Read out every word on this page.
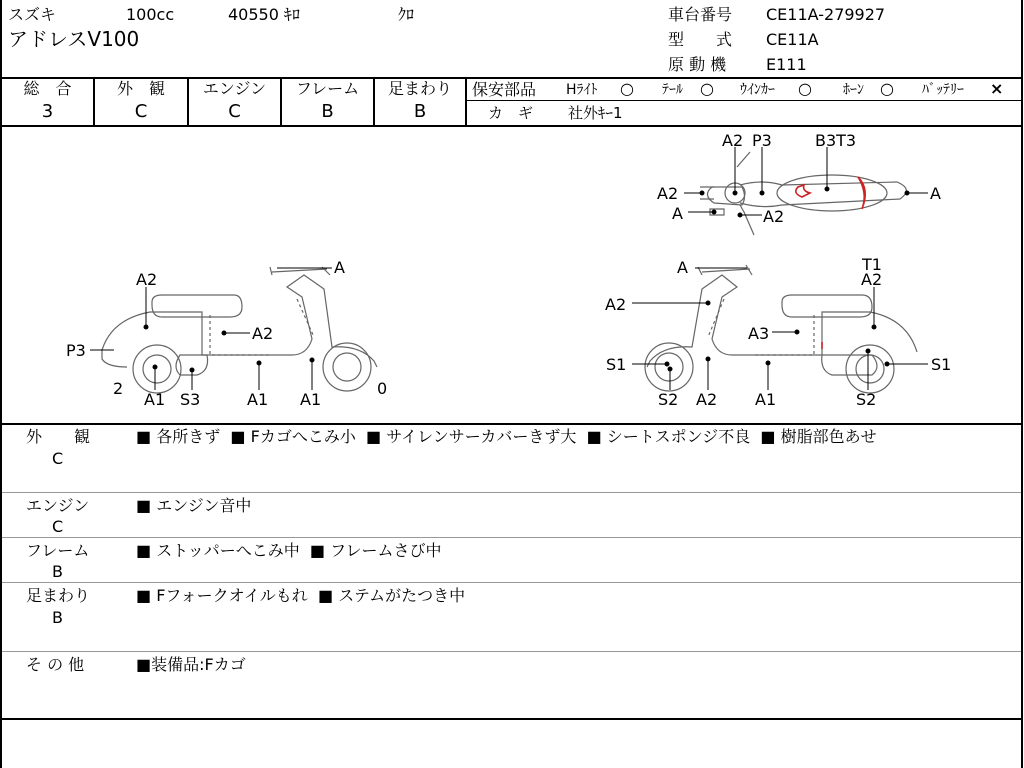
スズキ	100cc	40550 ｷﾛ	ｸﾛ
アドレスV100
車台番号 CE11A-279927
型　　式 CE11A
原 動 機 E111
総　合
3
外　観
C
エンジン
C
フレーム
B
足まわり
B
保安部品 Hﾗｲﾄ ○ ﾃｰﾙ ○ ｳｲﾝｶｰ ○ ﾎｰﾝ ○ ﾊﾞｯﾃﾘｰ ×
カ　ギ 社外ｷｰ1
A2
A
A2
P3
2
A1 S3	A1 A1
0
A2 P3	B3T3
A2	A
A	A2
A	T1
A2
A2
A3
S1	S1
S2 A2 A1	S2
外　　観
C
■ 各所きず  ■ Fカゴへこみ小  ■ サイレンサーカバーきず大  ■ シートスポンジ不良  ■ 樹脂部色あせ
エンジン
C
■ エンジン音中
フレーム
B
■ ストッパーへこみ中  ■ フレームさび中
足まわり
B
■ Fフォークオイルもれ  ■ ステムがたつき中
そ の 他	■装備品:Fカゴ
